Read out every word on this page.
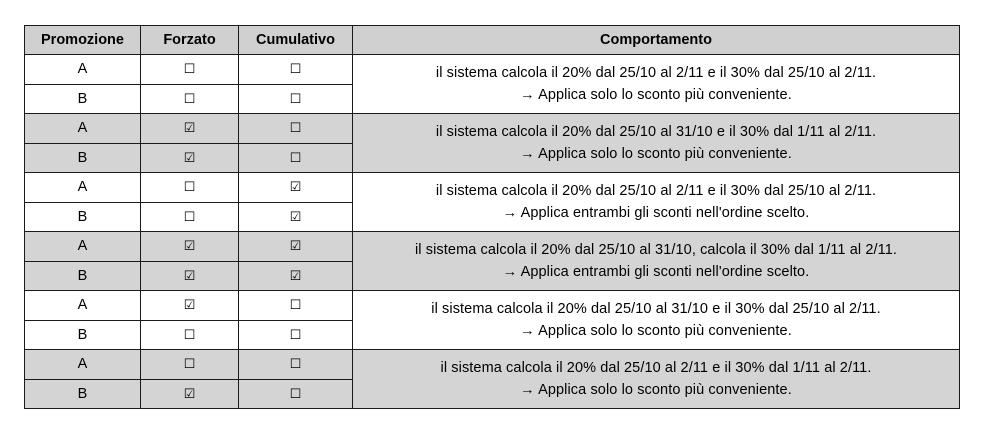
Promozione	Forzato	Cumulativo	Comportamento
A	☐	☐	il sistema calcola il 20% dal 25/10 al 2/11 e il 30% dal 25/10 al 2/11.
→ Applica solo lo sconto più conveniente.

B	☐	☐	
A	☑	☐	il sistema calcola il 20% dal 25/10 al 31/10 e il 30% dal 1/11 al 2/11.
→ Applica solo lo sconto più conveniente.

B	☑	☐	
A	☐	☑	il sistema calcola il 20% dal 25/10 al 2/11 e il 30% dal 25/10 al 2/11.
→ Applica entrambi gli sconti nell'ordine scelto.

B	☐	☑	
A	☑	☑	il sistema calcola il 20% dal 25/10 al 31/10, calcola il 30% dal 1/11 al 2/11.
→ Applica entrambi gli sconti nell'ordine scelto.

B	☑	☑	
A	☑	☐	il sistema calcola il 20% dal 25/10 al 31/10 e il 30% dal 25/10 al 2/11.
→ Applica solo lo sconto più conveniente.

B	☐	☐	
A	☐	☐	il sistema calcola il 20% dal 25/10 al 2/11 e il 30% dal 1/11 al 2/11.
→ Applica solo lo sconto più conveniente.

B	☑	☐	
